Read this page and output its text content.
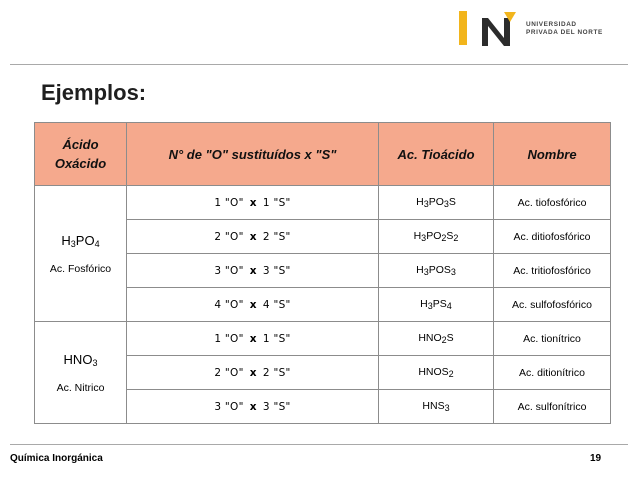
UNIVERSIDAD
PRIVADA DEL NORTE
Ejemplos:
Ácido
Oxácido	N° de "O" sustituídos x "S"	Ac. Tioácido	Nombre

$H_3PO_4$
Ac. Fosfórico	1 "O" x 1 "S"	$H_3PO_3S$	Ac. tiofosfórico
	2 "O" x 2 "S"	$H_3PO_2S_2$	Ac. ditiofosfórico
	3 "O" x 3 "S"	$H_3POS_3$	Ac. tritiofosfórico
	4 "O" x 4 "S"	$H_3PS_4$	Ac. sulfofosfórico

$HNO_3$
Ac. Nitrico	1 "O" x 1 "S"	$HNO_2S$	Ac. tionítrico
	2 "O" x 2 "S"	$HNOS_2$	Ac. ditionítrico
	3 "O" x 3 "S"	$HNS_3$	Ac. sulfonítrico
Química Inorgánica	19
